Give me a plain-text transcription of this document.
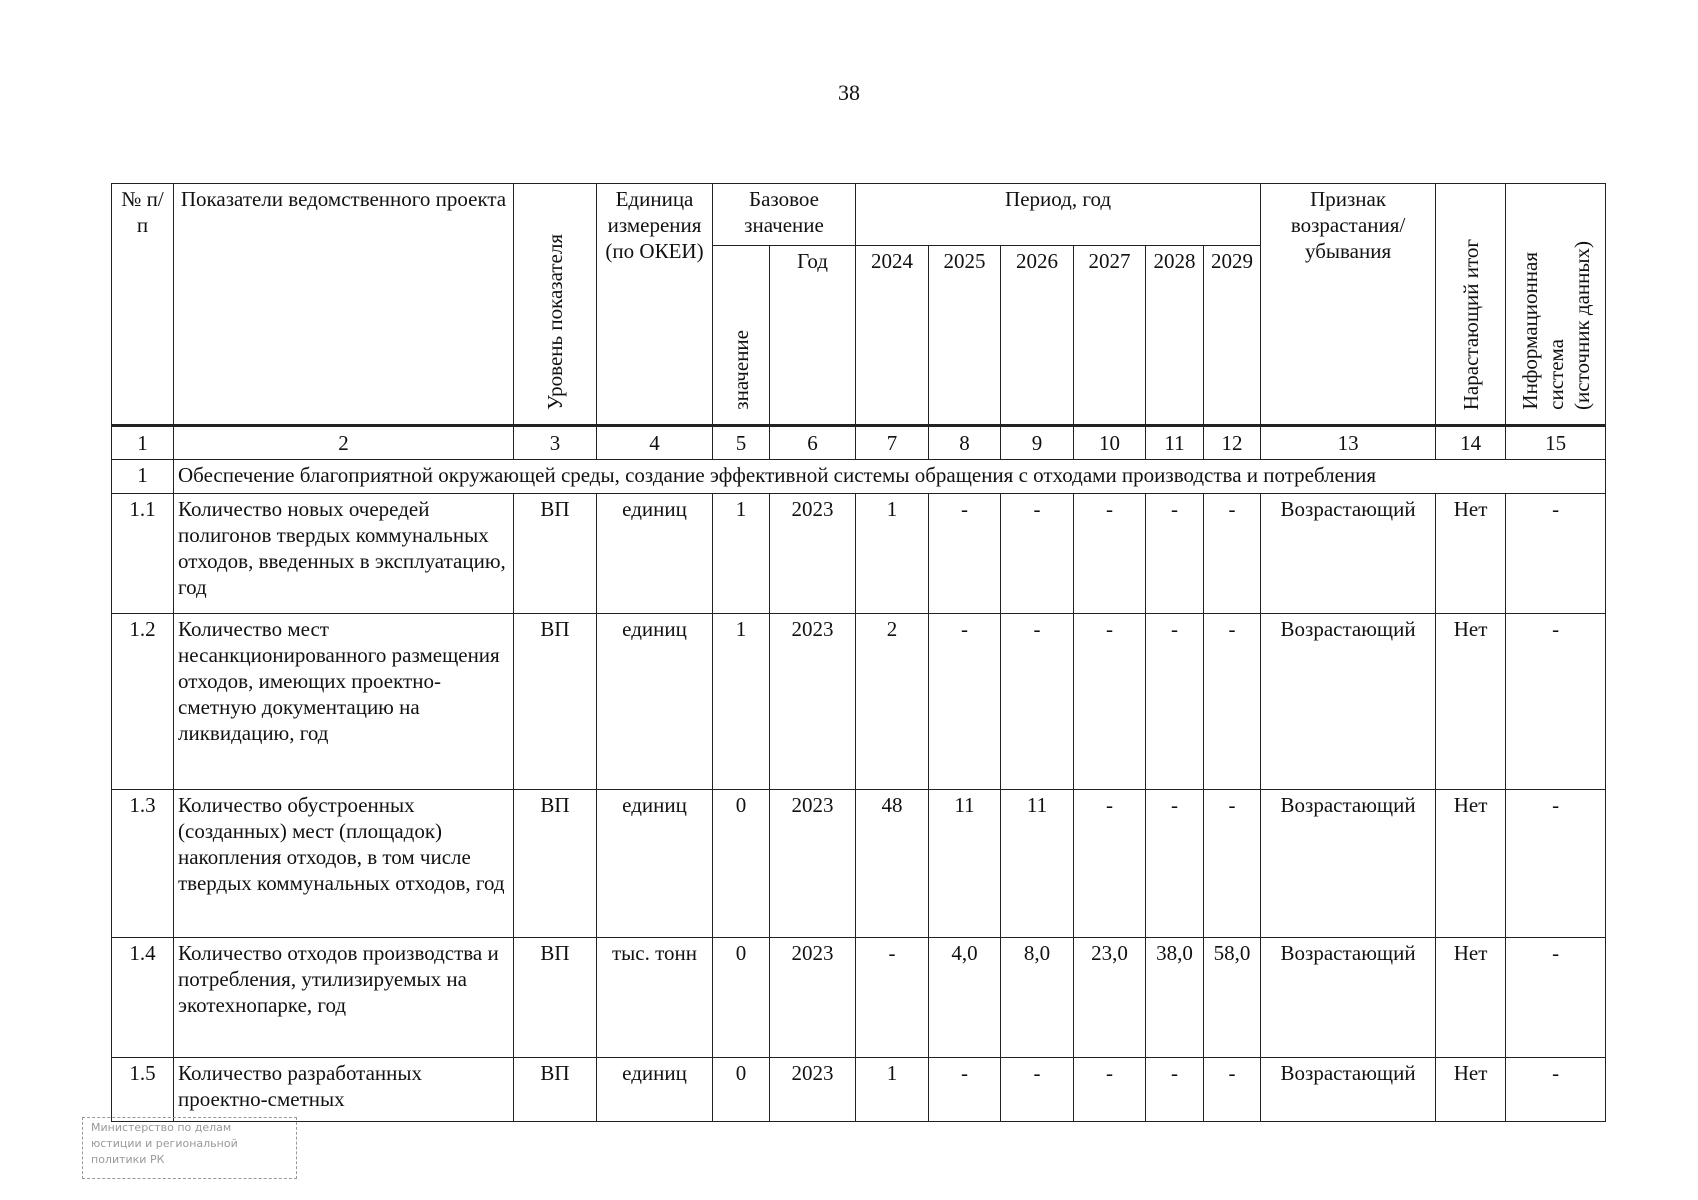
38
№ п/п	Показатели ведомственного проекта	Уровень показателя	Единица измерения (по ОКЕИ)	Базовое значение		Период, год						Признак возрастания/ убывания	Нарастающий итог	Информационнаясистема(источник данных)
				значение	Год	2024	2025	2026	2027	2028	2029			
1	2	3	4	5	6	7	8	9	10	11	12	13	14	15
1	Обеспечение благоприятной окружающей среды, создание эффективной системы обращения с отходами производства и потребления													
1.1	Количество новых очередей полигонов твердых коммунальных отходов, введенных в эксплуатацию, год	ВП	единиц	1	2023	1	-	-	-	-	-	Возрастающий	Нет	-
1.2	Количество мест несанкционированного размещения отходов, имеющих проектно-сметную документацию на ликвидацию, год	ВП	единиц	1	2023	2	-	-	-	-	-	Возрастающий	Нет	-
1.3	Количество обустроенных (созданных) мест (площадок) накопления отходов, в том числе твердых коммунальных отходов, год	ВП	единиц	0	2023	48	11	11	-	-	-	Возрастающий	Нет	-
1.4	Количество отходов производства и потребления, утилизируемых на экотехнопарке, год	ВП	тыс. тонн	0	2023	-	4,0	8,0	23,0	38,0	58,0	Возрастающий	Нет	-
1.5	Количество разработанных проектно-сметных	ВП	единиц	0	2023	1	-	-	-	-	-	Возрастающий	Нет	-
Министерство по делам
юстиции и региональной
политики РК
